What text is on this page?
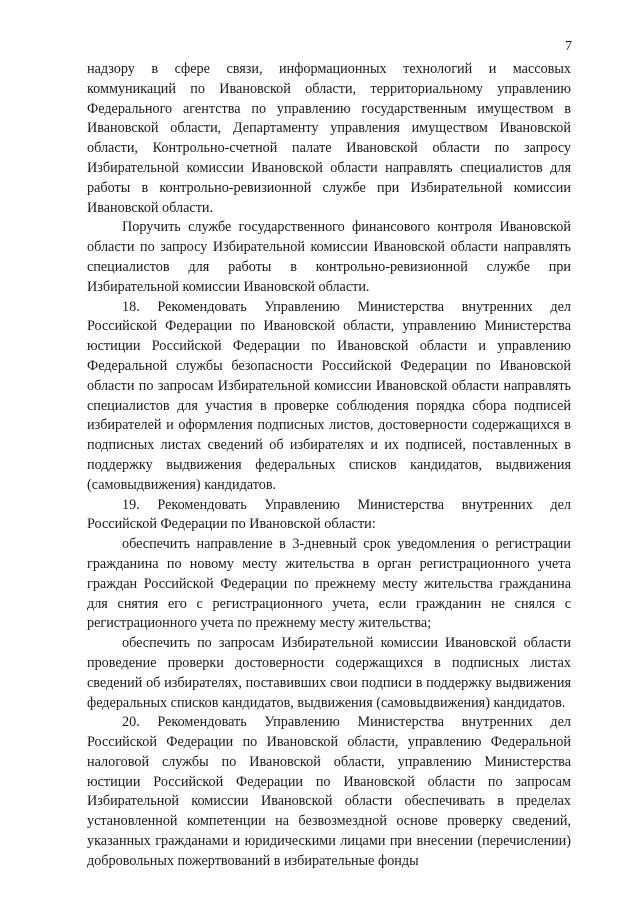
7

надзору в сфере связи, информационных технологий и массовых коммуникаций по Ивановской области, территориальному управлению Федерального агентства по управлению государственным имуществом в Ивановской области, Департаменту управления имуществом Ивановской области, Контрольно-счетной палате Ивановской области по запросу Избирательной комиссии Ивановской области направлять специалистов для работы в контрольно-ревизионной службе при Избирательной комиссии Ивановской области.

Поручить службе государственного финансового контроля Ивановской области по запросу Избирательной комиссии Ивановской области направлять специалистов для работы в контрольно-ревизионной службе при Избирательной комиссии Ивановской области.

18. Рекомендовать Управлению Министерства внутренних дел Российской Федерации по Ивановской области, управлению Министерства юстиции Российской Федерации по Ивановской области и управлению Федеральной службы безопасности Российской Федерации по Ивановской области по запросам Избирательной комиссии Ивановской области направлять специалистов для участия в проверке соблюдения порядка сбора подписей избирателей и оформления подписных листов, достоверности содержащихся в подписных листах сведений об избирателях и их подписей, поставленных в поддержку выдвижения федеральных списков кандидатов, выдвижения (самовыдвижения) кандидатов.

19. Рекомендовать Управлению Министерства внутренних дел Российской Федерации по Ивановской области:

обеспечить направление в 3-дневный срок уведомления о регистрации гражданина по новому месту жительства в орган регистрационного учета граждан Российской Федерации по прежнему месту жительства гражданина для снятия его с регистрационного учета, если гражданин не снялся с регистрационного учета по прежнему месту жительства;

обеспечить по запросам Избирательной комиссии Ивановской области проведение проверки достоверности содержащихся в подписных листах сведений об избирателях, поставивших свои подписи в поддержку выдвижения федеральных списков кандидатов, выдвижения (самовыдвижения) кандидатов.

20. Рекомендовать Управлению Министерства внутренних дел Российской Федерации по Ивановской области, управлению Федеральной налоговой службы по Ивановской области, управлению Министерства юстиции Российской Федерации по Ивановской области по запросам Избирательной комиссии Ивановской области обеспечивать в пределах установленной компетенции на безвозмездной основе проверку сведений, указанных гражданами и юридическими лицами при внесении (перечислении) добровольных пожертвований в избирательные фонды
